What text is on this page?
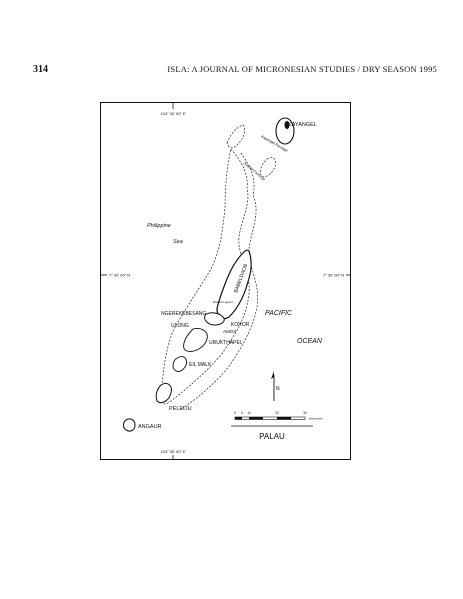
314	ISLA: A JOURNAL OF MICRONESIAN STUDIES / DRY SEASON 1995
134° 30' 00" E
134° 30' 00" E
7° 30' 00" N	7° 30' 00" N
KAYANGEL
Kayangel Passage
Toachel Passage
Philippine
Sea
BABELDAOB
PACIFIC
OCEAN
Malakal Lagoon
NGEREKEBESANG
KOROR
ULONG
AMOS
URUKTHAPEL
EIL MALK
PELELIU
ANGAUR
N
0 5 10	20	30
kilometers
PALAU
